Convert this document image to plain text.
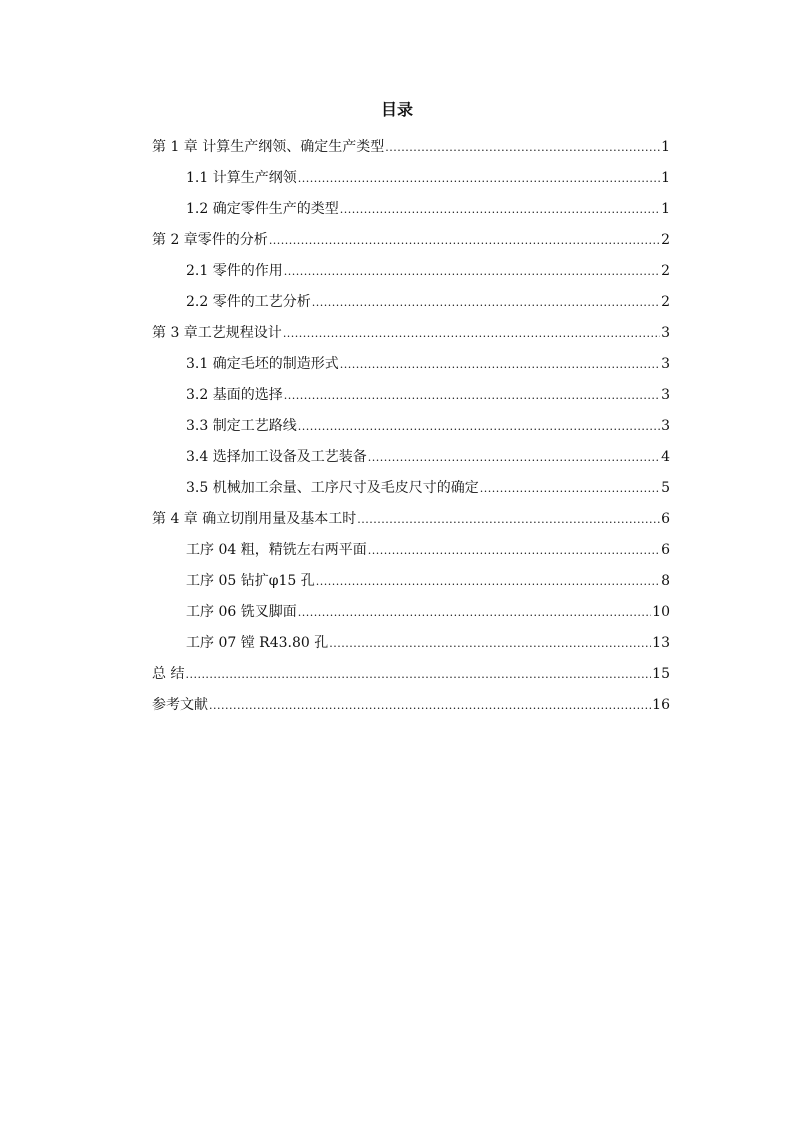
目录
第 1 章 计算生产纲领、确定生产类型 .....	1
1.1 计算生产纲领 .....	1
1.2 确定零件生产的类型 .....	1
第 2 章零件的分析 .....	2
2.1 零件的作用 .....	2
2.2 零件的工艺分析 .....	2
第 3 章工艺规程设计 .....	3
3.1 确定毛坯的制造形式 .....	3
3.2 基面的选择 .....	3
3.3 制定工艺路线 .....	3
3.4 选择加工设备及工艺装备 .....	4
3.5 机械加工余量、工序尺寸及毛皮尺寸的确定 .....	5
第 4 章 确立切削用量及基本工时 .....	6
工序 04 粗，精铣左右两平面 .....	6
工序 05 钻扩φ15 孔 .....	8
工序 06 铣叉脚面 .....	10
工序 07 镗 R43.80 孔 .....	13
总 结 .....	15
参考文献 .....	16
